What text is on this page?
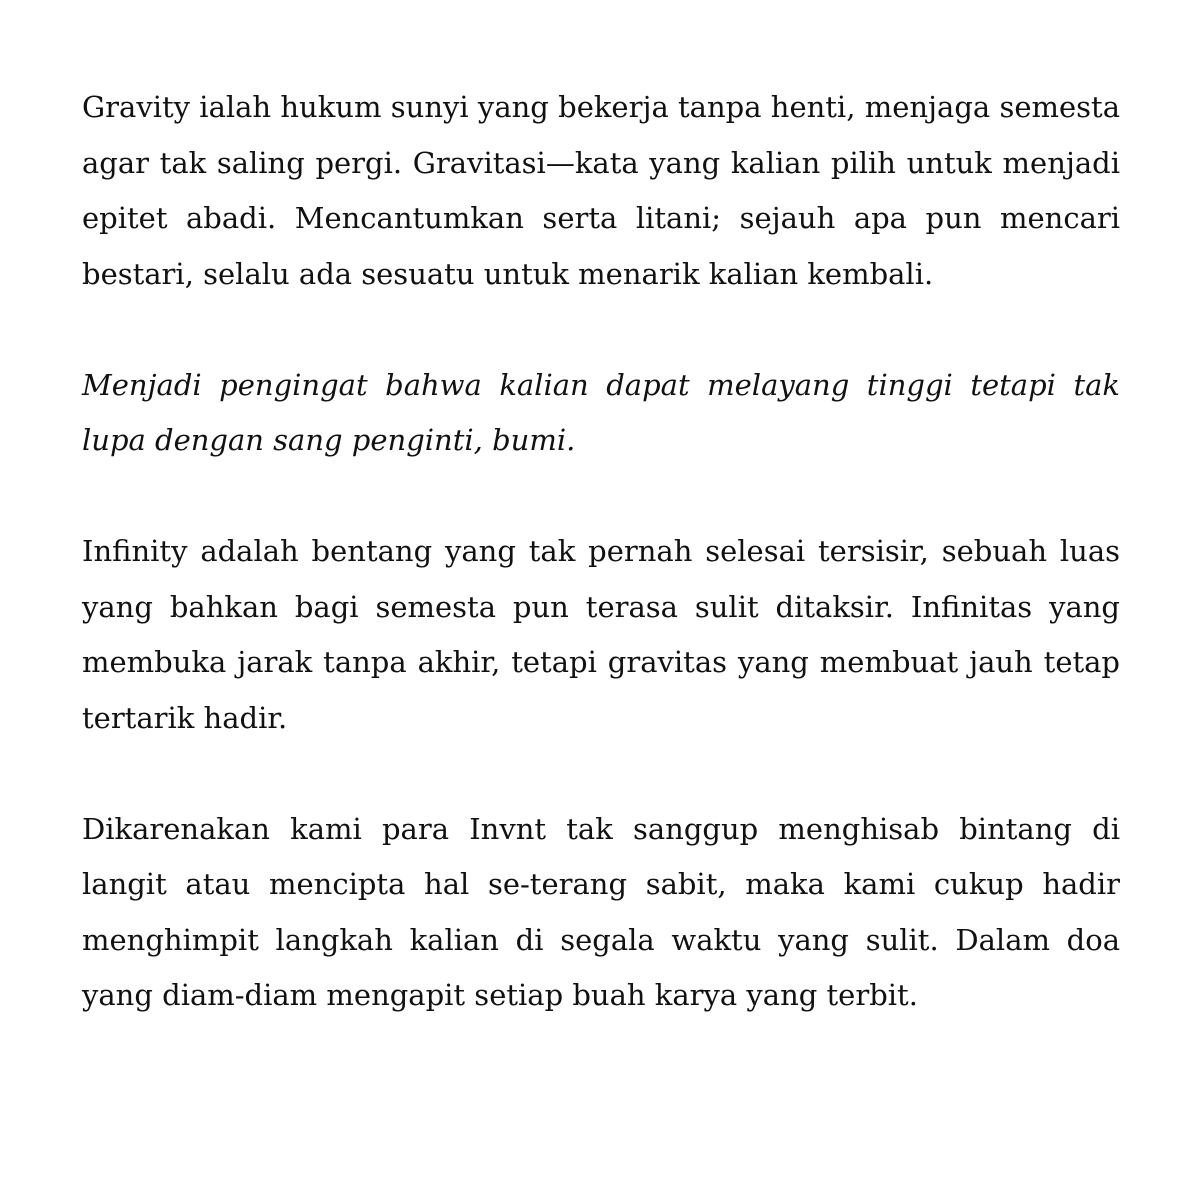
Gravity ialah hukum sunyi yang bekerja tanpa henti, menjaga semesta agar tak saling pergi. Gravitasi—kata yang kalian pilih untuk menjadi epitet abadi. Mencantumkan serta litani; sejauh apa pun mencari bestari, selalu ada sesuatu untuk menarik kalian kembali.

Menjadi pengingat bahwa kalian dapat melayang tinggi tetapi tak lupa dengan sang penginti, bumi.

Infinity adalah bentang yang tak pernah selesai tersisir, sebuah luas yang bahkan bagi semesta pun terasa sulit ditaksir. Infinitas yang membuka jarak tanpa akhir, tetapi gravitas yang membuat jauh tetap tertarik hadir.

Dikarenakan kami para Invnt tak sanggup menghisab bintang di langit atau mencipta hal se-terang sabit, maka kami cukup hadir menghimpit langkah kalian di segala waktu yang sulit. Dalam doa yang diam-diam mengapit setiap buah karya yang terbit.
